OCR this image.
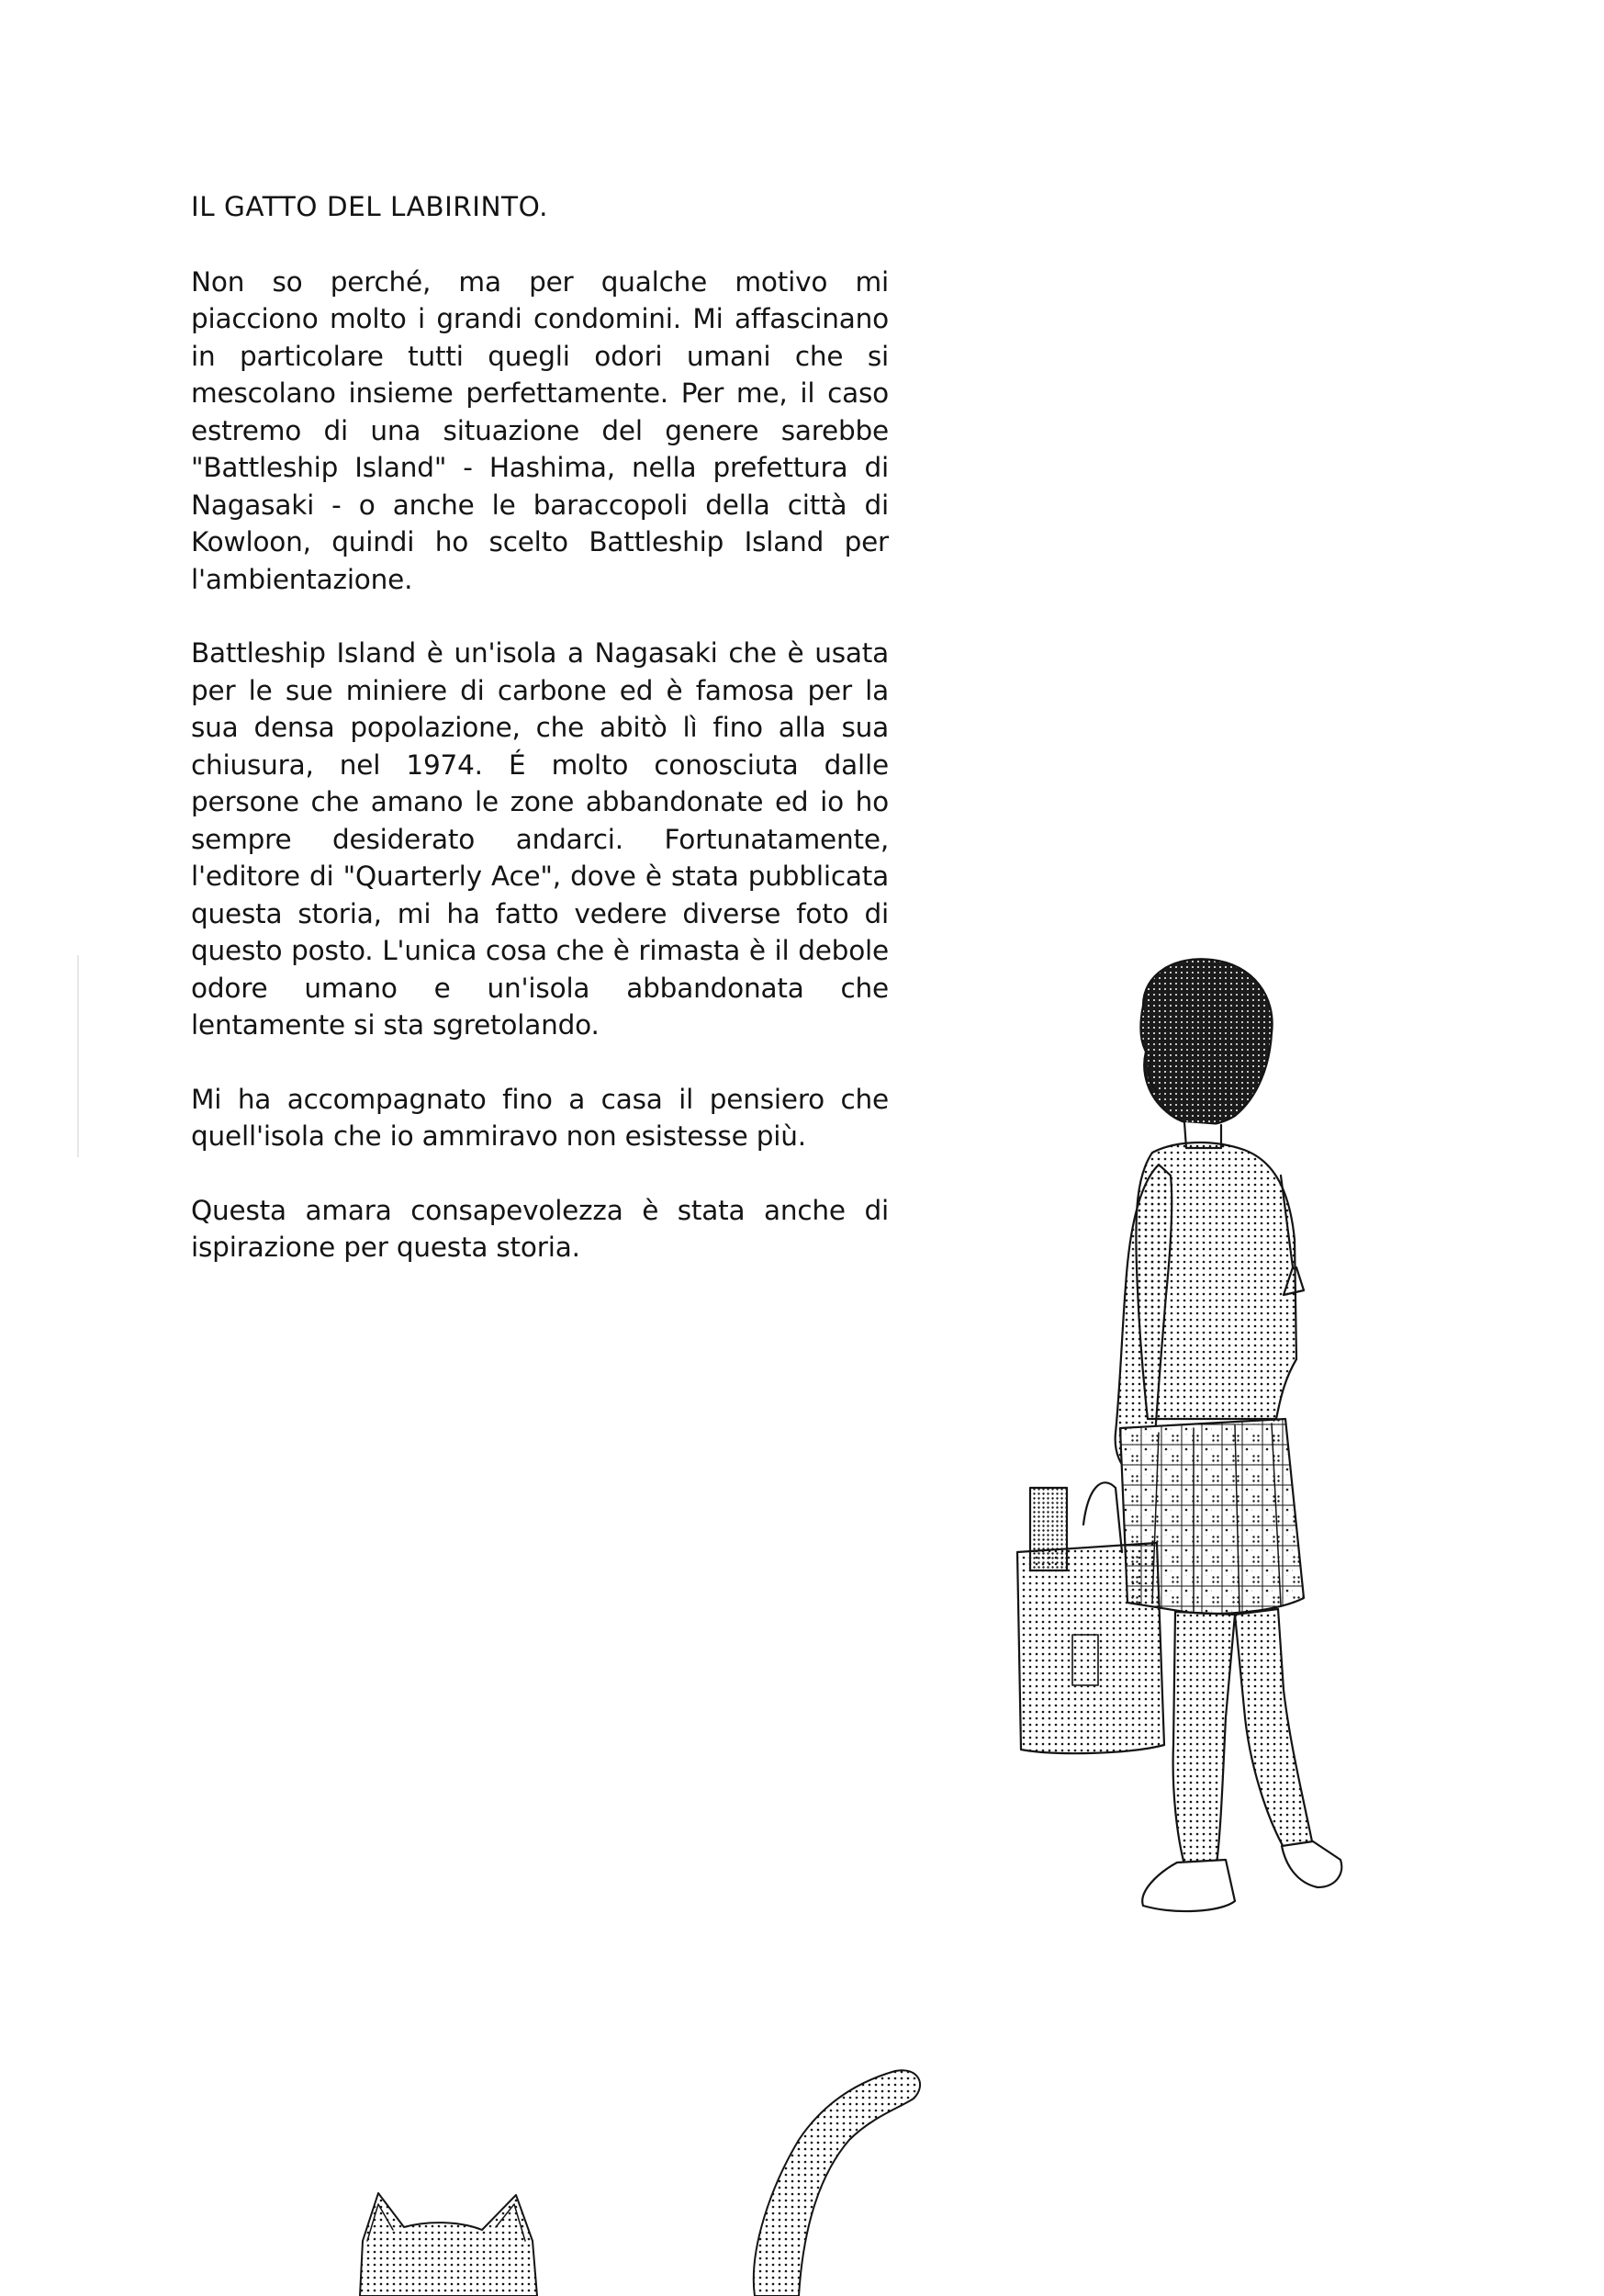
IL GATTO DEL LABIRINTO.

Non so perché, ma per qualche motivo mi piacciono molto i grandi condomini. Mi affascinano in particolare tutti quegli odori umani che si mescolano insieme perfettamente. Per me, il caso estremo di una situazione del genere sarebbe "Battleship Island" - Hashima, nella prefettura di Nagasaki - o anche le baraccopoli della città di Kowloon, quindi ho scelto Battleship Island per l'ambientazione.

Battleship Island è un'isola a Nagasaki che è usata per le sue miniere di carbone ed è famosa per la sua densa popolazione, che abitò lì fino alla sua chiusura, nel 1974. É molto conosciuta dalle persone che amano le zone abbandonate ed io ho sempre desiderato andarci. Fortunatamente, l'editore di "Quarterly Ace", dove è stata pubblicata questa storia, mi ha fatto vedere diverse foto di questo posto. L'unica cosa che è rimasta è il debole odore umano e un'isola abbandonata che lentamente si sta sgretolando.

Mi ha accompagnato fino a casa il pensiero che quell'isola che io ammiravo non esistesse più.

Questa amara consapevolezza è stata anche di ispirazione per questa storia.
